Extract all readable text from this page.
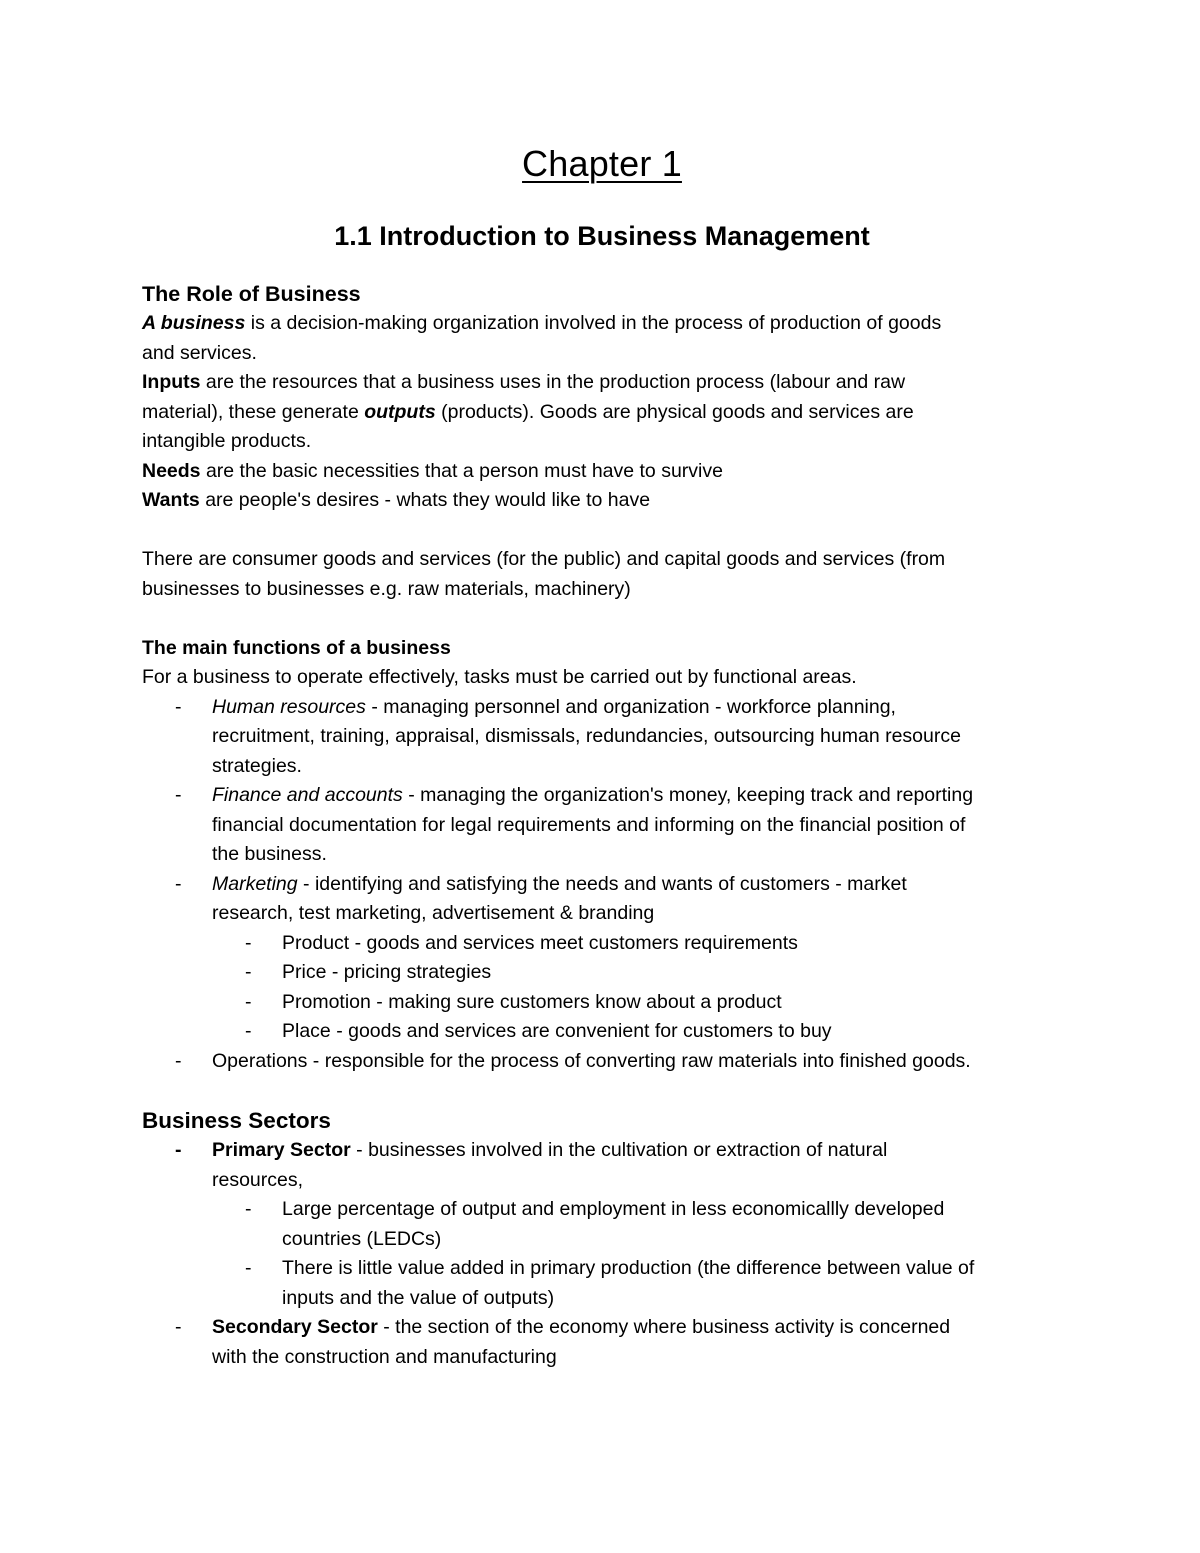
Chapter 1
1.1 Introduction to Business Management
The Role of Business

A business is a decision-making organization involved in the process of production of goods

and services.

Inputs are the resources that a business uses in the production process (labour and raw

material), these generate outputs (products). Goods are physical goods and services are

intangible products.

Needs are the basic necessities that a person must have to survive

Wants are people's desires - whats they would like to have

There are consumer goods and services (for the public) and capital goods and services (from

businesses to businesses e.g. raw materials, machinery)

The main functions of a business

For a business to operate effectively, tasks must be carried out by functional areas.

- Human resources - managing personnel and organization - workforce planning,
recruitment, training, appraisal, dismissals, redundancies, outsourcing human resource
strategies.
- Finance and accounts - managing the organization's money, keeping track and reporting
financial documentation for legal requirements and informing on the financial position of
the business.
- Marketing - identifying and satisfying the needs and wants of customers - market
research, test marketing, advertisement & branding
- Product - goods and services meet customers requirements
- Price - pricing strategies
- Promotion - making sure customers know about a product
- Place - goods and services are convenient for customers to buy
- Operations - responsible for the process of converting raw materials into finished goods.
Business Sectors
- Primary Sector - businesses involved in the cultivation or extraction of natural
resources,
- Large percentage of output and employment in less economicallly developed
countries (LEDCs)
- There is little value added in primary production (the difference between value of
inputs and the value of outputs)
- Secondary Sector - the section of the economy where business activity is concerned
with the construction and manufacturing
